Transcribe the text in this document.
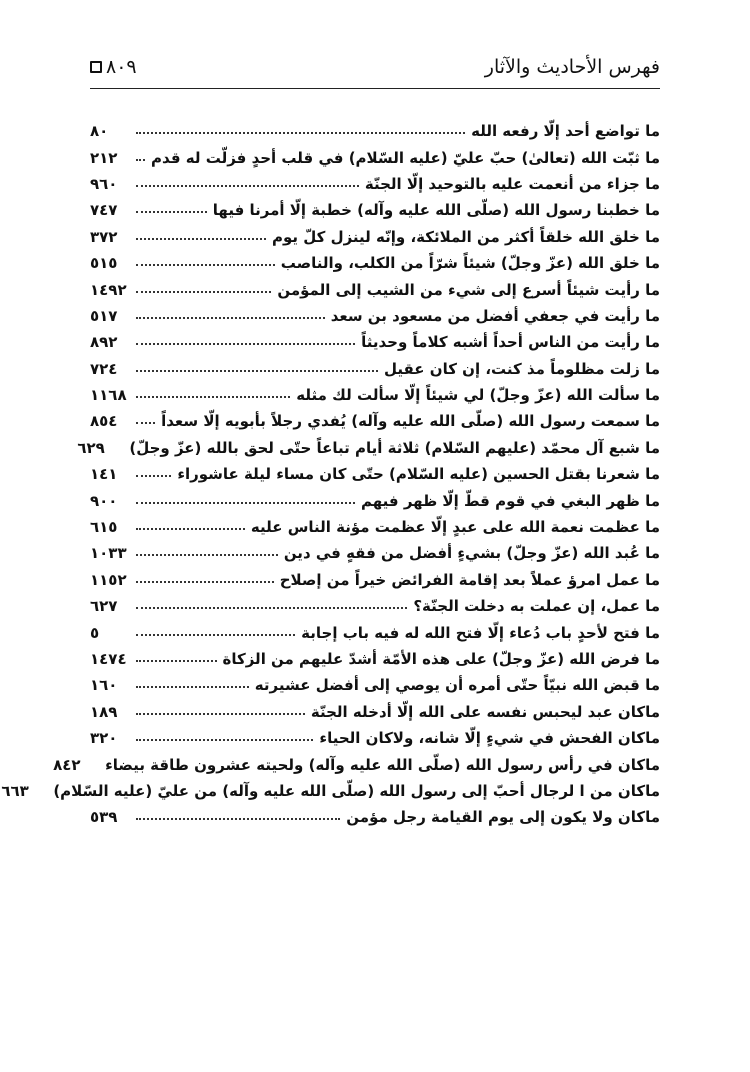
فهرس الأحاديث والآثار
٨٠٩
ما تواضع أحد إلّا رفعه الله
٨٠
ما ثبّت الله (تعالىٰ) حبّ عليّ (عليه السّلام) في قلب أحدٍ فزلّت له قدم
٢١٢
ما جزاء من أنعمت عليه بالتوحيد إلّا الجنّة
٩٦٠
ما خطبنا رسول الله (صلّى الله عليه وآله) خطبة إلّا أمرنا فيها
٧٤٧
ما خلق الله خلقاً أكثر من الملائكة، وإنّه لينزل كلّ يوم
٣٧٢
ما خلق الله (عزّ وجلّ) شيئاً شرّاً من الكلب، والناصب
٥١٥
ما رأيت شيئاً أسرع إلى شيء من الشيب إلى المؤمن
١٤٩٢
ما رأيت في جعفي أفضل من مسعود بن سعد
٥١٧
ما رأيت من الناس أحداً أشبه كلاماً وحديثاً
٨٩٢
ما زلت مظلوماً مذ كنت، إن كان عقيل
٧٢٤
ما سألت الله (عزّ وجلّ) لي شيئاً إلّا سألت لك مثله
١١٦٨
ما سمعت رسول الله (صلّى الله عليه وآله) يُفدي رجلاً بأبويه إلّا سعداً
٨٥٤
ما شبع آل محمّد (عليهم السّلام) ثلاثة أيام تباعاً حتّى لحق بالله (عزّ وجلّ)
٦٢٩
ما شعرنا بقتل الحسين (عليه السّلام) حتّى كان مساء ليلة عاشوراء
١٤١
ما ظهر البغي في قوم قطّ إلّا ظهر فيهم
٩٠٠
ما عظمت نعمة الله على عبدٍ إلّا عظمت مؤنة الناس عليه
٦١٥
ما عُبد الله (عزّ وجلّ) بشيءٍ أفضل من فقهٍ في دين
١٠٣٣
ما عمل امرؤ عملاً بعد إقامة الفرائض خيراً من إصلاح
١١٥٢
ما عمل، إن عملت به دخلت الجنّة؟
٦٢٧
ما فتح لأحدٍ باب دُعاء إلّا فتح الله له فيه باب إجابة
٥
ما فرض الله (عزّ وجلّ) على هذه الأمّة أشدّ عليهم من الزكاة
١٤٧٤
ما قبض الله نبيّاً حتّى أمره أن يوصي إلى أفضل عشيرته
١٦٠
ماكان عبد ليحبس نفسه على الله إلّا أدخله الجنّة
١٨٩
ماكان الفحش في شيءٍ إلّا شانه، ولاكان الحياء
٣٢٠
ماكان في رأس رسول الله (صلّى الله عليه وآله) ولحيته عشرون طاقة بيضاء
٨٤٢
ماكان من ا لرجال أحبّ إلى رسول الله (صلّى الله عليه وآله) من عليّ (عليه السّلام)
٦٦٣
ماكان ولا يكون إلى يوم القيامة رجل مؤمن
٥٣٩
